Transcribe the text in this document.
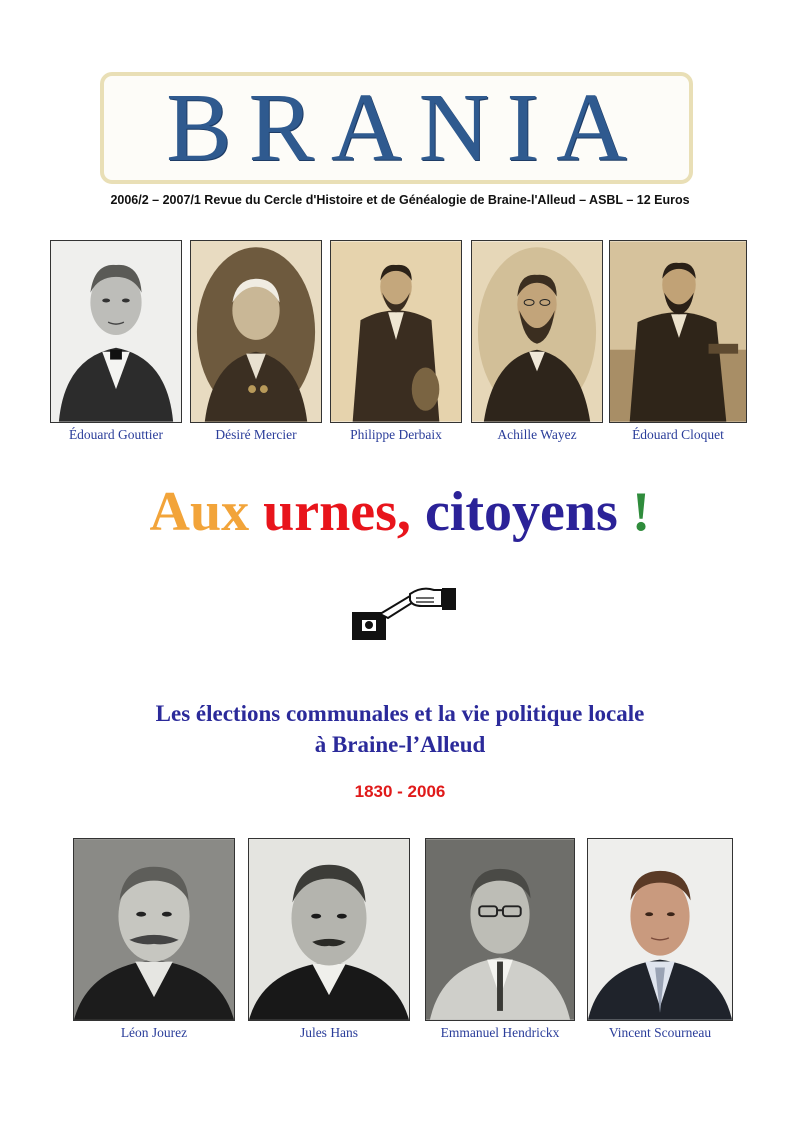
BRANIA
2006/2 – 2007/1 Revue du Cercle d'Histoire et de Généalogie de Braine-l'Alleud – ASBL – 12 Euros
Édouard Gouttier	Désiré Mercier	Philippe Derbaix	Achille Wayez	Édouard Cloquet
Aux urnes, citoyens !
Les élections communales et la vie politique locale
à Braine-l’Alleud
1830 - 2006
Léon Jourez	Jules Hans	Emmanuel Hendrickx	Vincent Scourneau
